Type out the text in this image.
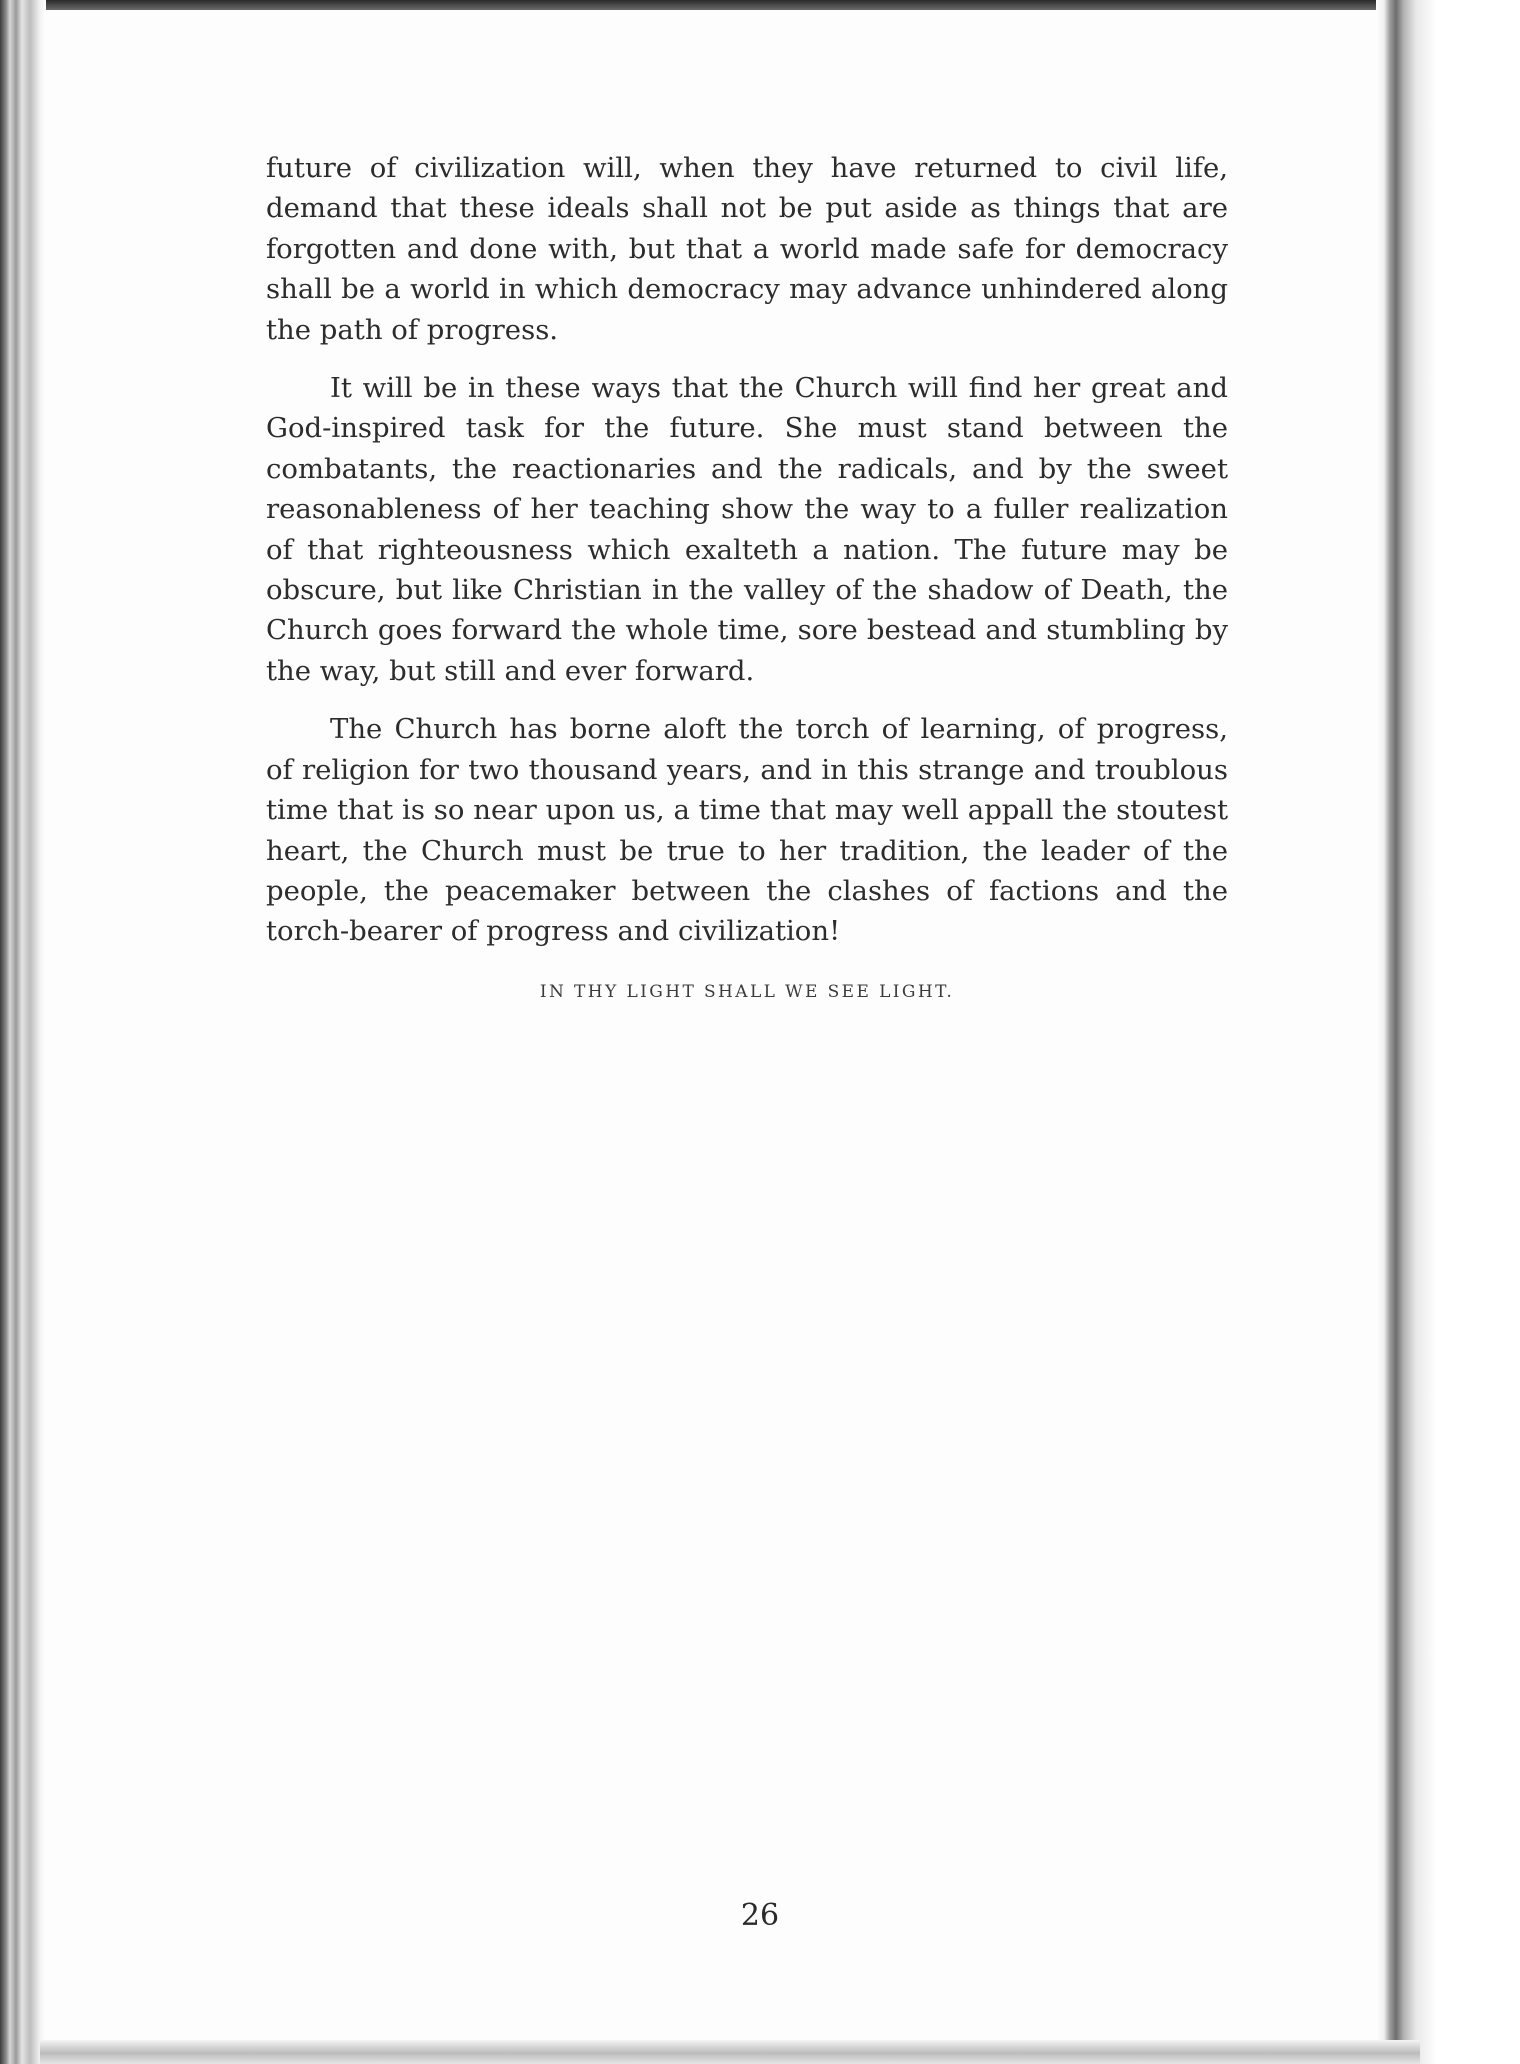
future of civilization will, when they have returned to civil life, demand that these ideals shall not be put aside as things that are forgotten and done with, but that a world made safe for democracy shall be a world in which democracy may advance unhindered along the path of progress.

It will be in these ways that the Church will find her great and God-inspired task for the future. She must stand between the combatants, the reactionaries and the radicals, and by the sweet reasonableness of her teaching show the way to a fuller realization of that righteousness which exalteth a nation. The future may be obscure, but like Christian in the valley of the shadow of Death, the Church goes forward the whole time, sore bestead and stumbling by the way, but still and ever forward.

The Church has borne aloft the torch of learning, of progress, of religion for two thousand years, and in this strange and troublous time that is so near upon us, a time that may well appall the stoutest heart, the Church must be true to her tradition, the leader of the people, the peacemaker between the clashes of factions and the torch-bearer of progress and civilization!

IN THY LIGHT SHALL WE SEE LIGHT.
26
